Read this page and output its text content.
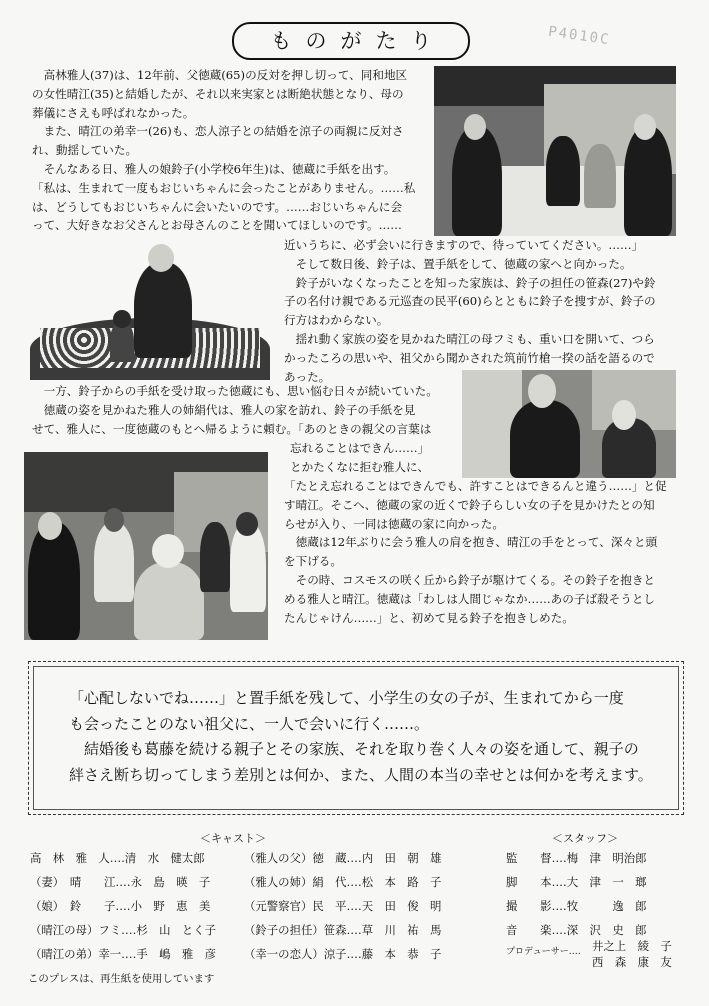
ものがたり	P4010C
　高林雅人(37)は、12年前、父徳蔵(65)の反対を押し切って、同和地区
の女性晴江(35)と結婚したが、それ以来実家とは断絶状態となり、母の
葬儀にさえも呼ばれなかった。
　また、晴江の弟幸一(26)も、恋人涼子との結婚を涼子の両親に反対さ
れ、動揺していた。
　そんなある日、雅人の娘鈴子(小学校6年生)は、徳蔵に手紙を出す。
「私は、生まれて一度もおじいちゃんに会ったことがありません。……私
は、どうしてもおじいちゃんに会いたいのです。……おじいちゃんに会
って、大好きなお父さんとお母さんのことを聞いてほしいのです。……
近いうちに、必ず会いに行きますので、待っていてください。……」
　そして数日後、鈴子は、置手紙をして、徳蔵の家へと向かった。
　鈴子がいなくなったことを知った家族は、鈴子の担任の笹森(27)や鈴
子の名付け親である元巡査の民平(60)らとともに鈴子を捜すが、鈴子の
行方はわからない。
　揺れ動く家族の姿を見かねた晴江の母フミも、重い口を開いて、つら
かったころの思いや、祖父から聞かされた筑前竹槍一揆の話を語るので
あった。
　一方、鈴子からの手紙を受け取った徳蔵にも、思い悩む日々が続いていた。
　徳蔵の姿を見かねた雅人の姉絹代は、雅人の家を訪れ、鈴子の手紙を見
せて、雅人に、一度徳蔵のもとへ帰るように頼む。「あのときの親父の言葉は
忘れることはできん……」
とかたくなに拒む雅人に、
「たとえ忘れることはできんでも、許すことはできるんと違う……」と促
す晴江。そこへ、徳蔵の家の近くで鈴子らしい女の子を見かけたとの知
らせが入り、一同は徳蔵の家に向かった。
　徳蔵は12年ぶりに会う雅人の肩を抱き、晴江の手をとって、深々と頭
を下げる。
　その時、コスモスの咲く丘から鈴子が駆けてくる。その鈴子を抱きと
める雅人と晴江。徳蔵は「わしは人間じゃなか……あの子ば殺そうとし
たんじゃけん……」と、初めて見る鈴子を抱きしめた。
「心配しないでね……」と置手紙を残して、小学生の女の子が、生まれてから一度
も会ったことのない祖父に、一人で会いに行く……。
　結婚後も葛藤を続ける親子とその家族、それを取り巻く人々の姿を通して、親子の
絆さえ断ち切ってしまう差別とは何か、また、人間の本当の幸せとは何かを考えます。
＜キャスト＞	＜スタッフ＞
高　林　雅　人‥‥清　水　健太郎
（妻）　晴　　江‥‥永　島　暎　子
（娘）　鈴　　子‥‥小　野　恵　美
（晴江の母）フミ‥‥杉　山　とく子
（晴江の弟）幸一‥‥手　嶋　雅　彦
（雅人の父）徳　蔵‥‥内　田　朝　雄
（雅人の姉）絹　代‥‥松　本　路　子
（元警察官）民　平‥‥天　田　俊　明
（鈴子の担任）笹森‥‥草　川　祐　馬
（幸一の恋人）涼子‥‥藤　本　恭　子
監　　督‥‥梅　津　明治郎
脚　　本‥‥大　津　一　瑯
撮　　影‥‥牧　　　逸　郎
音　　楽‥‥深　沢　史　郎
プロデューサー‥‥ 井之上　綾　子
西　森　康　友
このプレスは、再生紙を使用しています
